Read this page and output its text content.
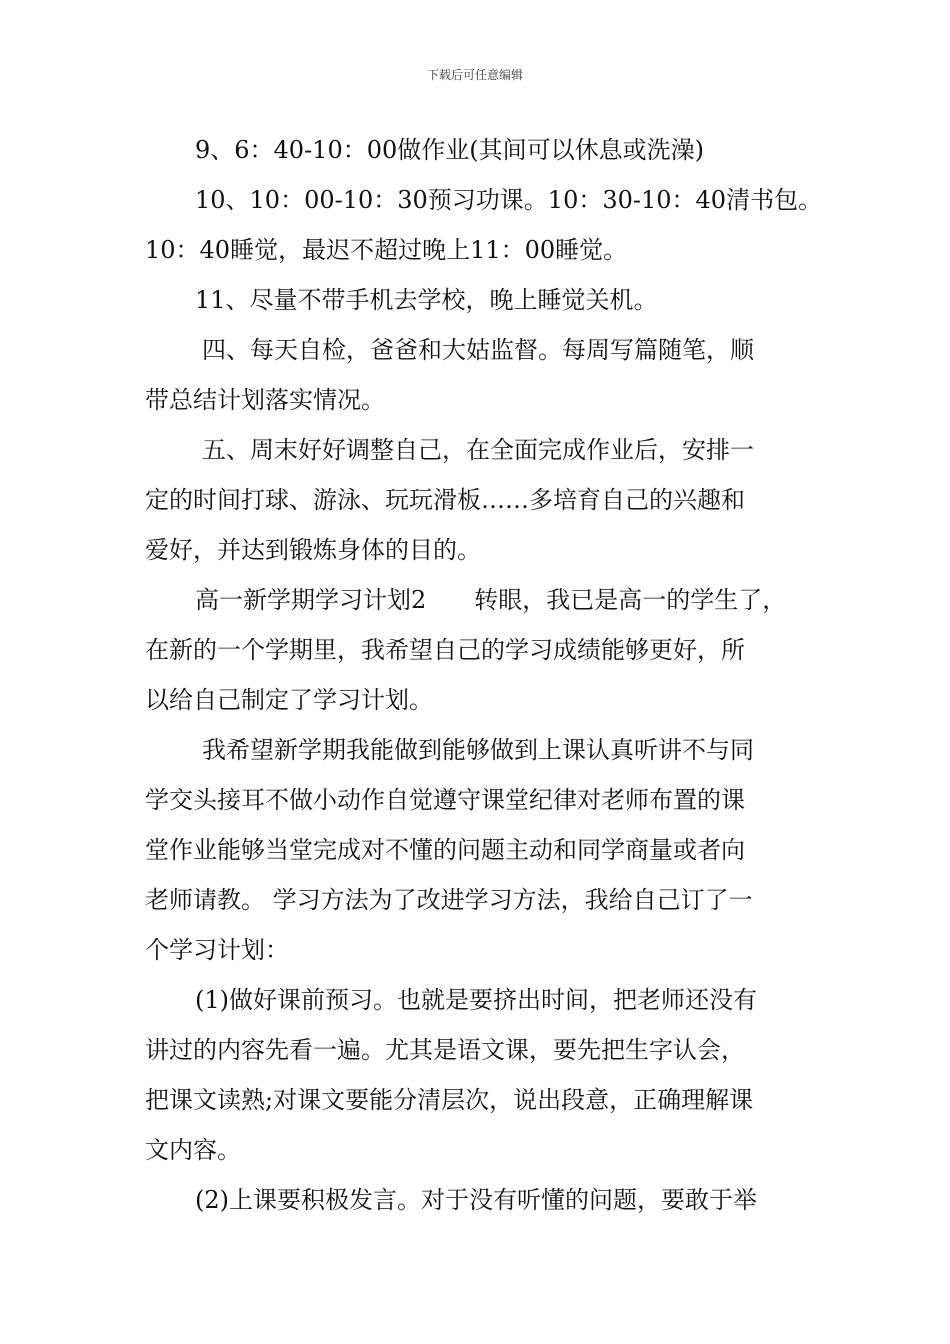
下载后可任意编辑
9、6：40-10：00做作业(其间可以休息或洗澡)
10、10：00-10：30预习功课。10：30-10：40清书包。
10：40睡觉，最迟不超过晚上11：00睡觉。
11、尽量不带手机去学校，晚上睡觉关机。
四、每天自检，爸爸和大姑监督。每周写篇随笔，顺
带总结计划落实情况。
五、周末好好调整自己，在全面完成作业后，安排一
定的时间打球、游泳、玩玩滑板……多培育自己的兴趣和
爱好，并达到锻炼身体的目的。
高一新学期学习计划2　　转眼，我已是高一的学生了，
在新的一个学期里，我希望自己的学习成绩能够更好，所
以给自己制定了学习计划。
我希望新学期我能做到能够做到上课认真听讲不与同
学交头接耳不做小动作自觉遵守课堂纪律对老师布置的课
堂作业能够当堂完成对不懂的问题主动和同学商量或者向
老师请教。 学习方法为了改进学习方法，我给自己订了一
个学习计划：
(1)做好课前预习。也就是要挤出时间，把老师还没有
讲过的内容先看一遍。尤其是语文课，要先把生字认会，
把课文读熟;对课文要能分清层次，说出段意，正确理解课
文内容。
(2)上课要积极发言。对于没有听懂的问题，要敢于举
